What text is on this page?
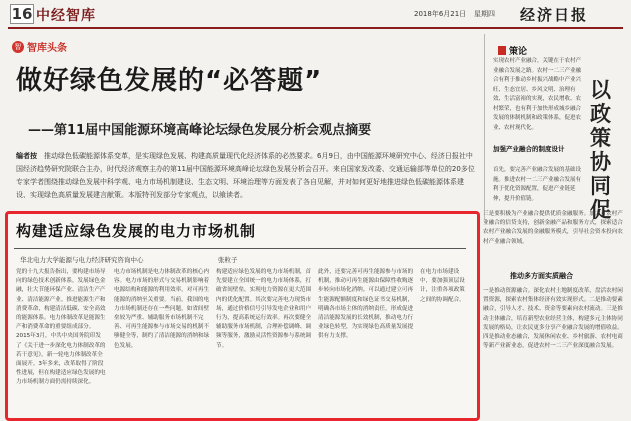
16 中经智库	2018年6月21日 星期四 经济日报
智 智库头条
做好绿色发展的“必答题”
——第11届中国能源环境高峰论坛绿色发展分析会观点摘要
编者按　 推动绿色低碳能源体系变革，是实现绿色发展、构建高质量现代化经济体系的必然要求。6月9日，由中国能源环境研究中心、经济日报社中国经济趋势研究院联合主办，时代经济观察主办的第11届中国能源环境高峰论坛绿色发展分析会召开。来自国家发改委、交通运输部等单位的20多位专家学者围绕推动绿色发展中科学观、电力市场机制建设、生态文明、环境治理等方面发表了各自见解，并对如何更好地推进绿色低碳能源体系建设、实现绿色高质量发展建言献策。本版特刊发部分专家观点，以飨读者。
策论
实现农村产业融合，关键在于农村产业融合发展之路。农村一二三产业融合有利于推动乡村振兴战略中产业兴旺、生态宜居、乡风文明、治理有效、生活富裕的实现，农民增收、农村繁荣，也有利于加快形成城乡融合发展的体制机制和政策体系，促进农业、农村现代化。
加强产业融合的制度设计
首先，要完善产业融合发展的基础设施。推进农村一二三产业融合发展有利于优化资源配置，促进产业链延伸，提升价值链。
以政策协同促
构建适应绿色发展的电力市场机制
华北电力大学能源与电力经济研究咨询中心	张粒子
党的十九大报告指出，要构建市场导向的绿色技术创新体系，发展绿色金融，壮大节能环保产业、清洁生产产业、清洁能源产业。推进能源生产和消费革命，构建清洁低碳、安全高效的能源体系。电力体制改革是能源生产和消费革命的重要组成部分。2015年3月，中共中央国务院印发了《关于进一步深化电力体制改革的若干意见》，新一轮电力体制改革全面展开。3年多来，改革取得了阶段性进展，但在构建适应绿色发展的电力市场机制方面仍需持续深化。
电力市场机制是电力体制改革的核心内容。电力市场的形式与交易机制影响着电源结构和能源的利用效率，对可再生能源的消纳至关重要。当前，我国的电力市场机制还存在一些问题，如省间壁垒较为严重、辅助服务市场机制不完善、可再生能源参与市场交易的机制不够健全等，制约了清洁能源的消纳和绿色发展。
构建适应绿色发展的电力市场机制，首先要建立全国统一的电力市场体系，打破省间壁垒，实现电力资源在更大范围内的优化配置。其次要完善电力现货市场，通过价格信号引导发电企业和用户行为，提高系统运行效率。再次要健全辅助服务市场机制，合理补偿调峰、调频等服务，激励灵活性资源参与系统调节。
此外，还要完善可再生能源参与市场的机制，推动可再生能源由保障性收购逐步转向市场化消纳。可以通过建立可再生能源配额制度和绿色证书交易机制，明确各市场主体的消纳责任，形成促进清洁能源发展的长效机制，推动电力行业绿色转型，为实现绿色高质量发展提供有力支撑。
在电力市场建设中，要加强顶层设计，注重各项政策之间的协调配合。
三是要积极为产业融合提供优质金融服务。加大对农村产业融合的信贷支持，创新金融产品和服务方式，探索适合农村产业融合发展的金融服务模式，引导社会资本投向农村产业融合领域。
推动多方面实质融合
一是推动资源融合。深化农村土地制度改革，盘活农村闲置资源，探索农村集体经济有效实现形式。二是推动要素融合，引导人才、技术、资金等要素向农村流动。三是推动主体融合，培育新型农业经营主体，构建多元主体协同发展的格局，让农民更多分享产业融合发展的增值收益。四是推动业态融合，发展休闲农业、乡村旅游、农村电商等新产业新业态，促进农村一二三产业深度融合发展。
